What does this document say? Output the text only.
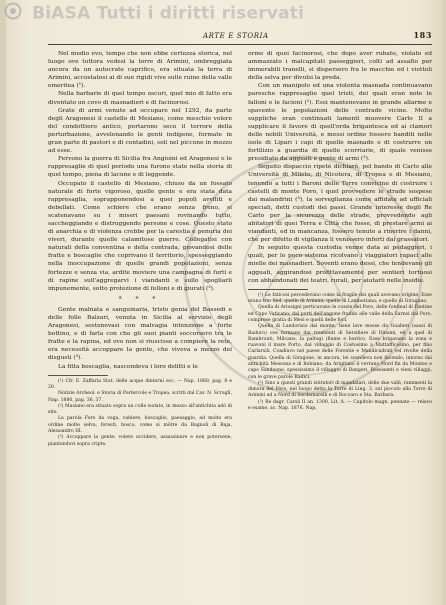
BiASA Tutti i diritti riservati
ARTE E STORIA	183

Nel medio evo, tempo che non ebbe certezza storica, nel luogo ove tuttora vedesi la torre di Arimini, ombreggiata ancora da un autocrate caprifico, era situata la terra di Arimini, accostatosi ai di sue rigidi vive sulle ruine della valle emeritea (¹).

Nella barbarie di quel tempo oscuri, quel mio di fatto era diventato un covo di masnadieri e di facinorosi.

Grate di armi venute ad occupare nel 1292, da parte degli Aragonesi il castello di Mesiano, come meschio volere del condottiero antico, portarono seco il terrore della perturbazione, avvelenando le genti indigene, formate in gran parte di pastori e di contadini, soli nel piccone in mezzo ad esse.

Fervono la guerra di Sicilia fra Angioini ed Aragonesi e le rappresaglie di quel periodo una furono state nella storia di quel tempo, piena di lacune e di leggende.

Occupato il castello di Mesiano, chiuso da un fossato naturale di forte vigoroso, quelle gente e era stata data rappresaglia, soprapponendosi a quei popoli avviliti e debellati. Come schiere che erano senza freno, si scatenavano su i miseri paesani rovinando tutto, saccheggiando e distruggendo persone e cose. Questo stato di anarchia e di violenza crebbe per la carestia e penuria dei viveri, durante quelle calamitose guerre. Collegatisi con naturali della conventina e della contrada, giovandosi delle fratte e boscaglie che coprivano il territorio, spesseggiando nella inoccupazione di quelle grandi popolazioni, senza fortezze e senza via, ardite moviere una campagna di furti e di rapine sull'aggregarvi i viandanti e sullo spogliarli impunemente, sotto protezione di felloni e di giurati (²).

* * *

Gente malnata e sanguinaria, tristo genia del Bassedi e delle folle Balzari, venuta in Sicilia al servizio degli Aragonesi, sostenevasi con malvagia intenzione a forte bottino, e di farla con che gli suoi pianti soccorsero tra le fratte e la rapina, ed ove non si riuscisse a compiere la rete, era necessità accoppare la gente, che viveva a mezzo dei disgusti (³).

La fitta boscaglia, nascondeva i loro delitti e le

(¹) Cfr. E. Zaffaria Stat. delle acque dintorni ecc. — Nap. 1880, pag. 8 e 20.

Notizie Archeol. e Storia di Portercole e Tropea, scritti dal Cav. N. Scrugli, Nap. 1880, pag. 36, 37.

(²) Masiano era situato sopra un colle isolato, in mezzo all'antichita adò di sito.

La parola Foro da voga, vabiere, boscaglio, paesaggio, ad molto era ordine molte selva, foresti, bosco, come si môtre da Bagnoli di Baja, Alessandro III.

(³) Accoppare la gente: volere uccidere, assassinare e non potersene, piantandovi sopra cripte.

orme di quei facinorosi, che dopo aver rubato, violato ed ammazzato i malcapitati passeggieri, colti ad assalto per immerabili tranelli, si dispersero fra le macchie ed i viottoli della selva per divulsi la preda.

Con un manipolo ed una violenta masnada continuavano paresche rappresaglie quel tristi, dei quali eran note le falloni e le facioni (¹). Essi mantenevano in grande allarme e spavento le popolazioni delle contrade vicine. Molto suppliche eran continuati lamenti muovere Carlo II a supplicare il favore di quell'orda brigantesca ed ai clamori delle nobili Università, e messi ordine fossero banditi nelle isole di Lipari i capi di quelle masnade e di costrurre un fortilizio a guardia di quelle scorriarie, di quale venisse presidiato da agguati e gente di armi (²).

Seguito dispaccio ripeté dichiarò, pel bando di Carlo alle Università di Mileto, di Nicotera, di Tropea e di Mesiano, tenendo a tutti i Baroni delle Terre convicine di costruire i castelli di monte Poro, i quel provvedere le strade sospese dai malandrini (³), la sorveglianza come affidate ad ufficiali speciali, detti custodi dei passi. Grande interesse degli Re Carlo per la sicurezza delle strade, provvedendo agli abitatori di quei Terra e Città che fosse, di prestare armi ai viandanti, ed in mancanza, fossero tenute a rinerire i danni, che per difetto di vigilanza li venissero inferti dai grassatori.

In seguito questa custodia venne data ai pedaggieri, i quali, per lo poco sistema ricolvano i viaggiatori rapaci alle mielle dei masnadieri. Soventi erano dessi, che tendevano gli agguati, aggirandosi profittavamente per sentieri tortuosi con abbandonati dei teatri, rurali, per aiutarli nelle insidie.

(¹) Le faticosi percedevano come la fragile dei quali avevano origine. Esse erano tra: Sed, quello di Arimini; quello di Lamberiana; e quello di Giragano.

Quella di Ariosigni perticavano le cozzie del Poro, delle fontinal di Fantine ed Capo Vaticano; dal porti dell'angone fraddo alle valle della Sarnsi dal Poro, comprese gratia di Mesi e quelli delle foci.

Quella di Landorisio dal monte, tiene lave mosse da Guaberi (sassi di Baduro) ove formano dai ruumenti di Sersifiere di Dinami, ed a quel di Bambronti, Milcano, la paltogi (fiume e burito). Esse brigavano la zona e ruavoni il mare Porto, dal villaggio di Costosimo a Mattafficosino, per fino Carlarsili. Coadiuvo nel paese delle Forestie e Mandicadrati vel rivolte della guardia. Quella di Giragone, in ancora, lei scendeva non facendo, intorno dai antichità Messona e di Bobiano; da Arigitano il verrano Nord fin da Monteo e capo Sandoone, spessissimo il villaggio di Bangeri, Rossisenti e vieni villaggi, con le grave parole Radici.

(²) Sino a questi grandi istitutori di mandatari, delle due valli, rammenti la dimora del Poro, nel luogo detto la Torre di Ling. 3, sul piccolo alla Torre di Arimini ed a Nord di Serdemarelli e di Roccaro e Sta. Barbara.

(³) Re dagr. Carsli II an. 1300, Lit. A. — Capitolo magn. pennate — relavo e esame, ac. Nap. 1876. Nap.
